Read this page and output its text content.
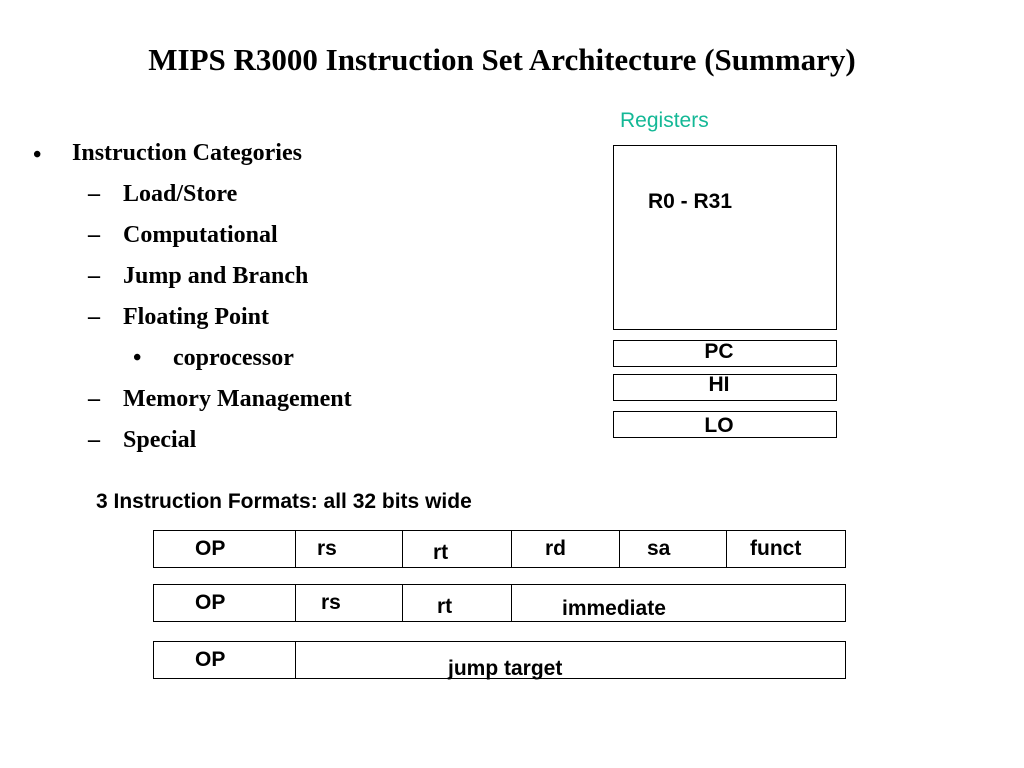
MIPS R3000 Instruction Set Architecture (Summary)
• Instruction Categories
– Load/Store
– Computational
– Jump and Branch
– Floating Point
• coprocessor
– Memory Management
– Special
Registers
R0 - R31
PC
HI
LO
3 Instruction Formats: all 32 bits wide
OP	rs	rt	rd	sa	funct
OP	rs	rt	immediate
OP	jump target
